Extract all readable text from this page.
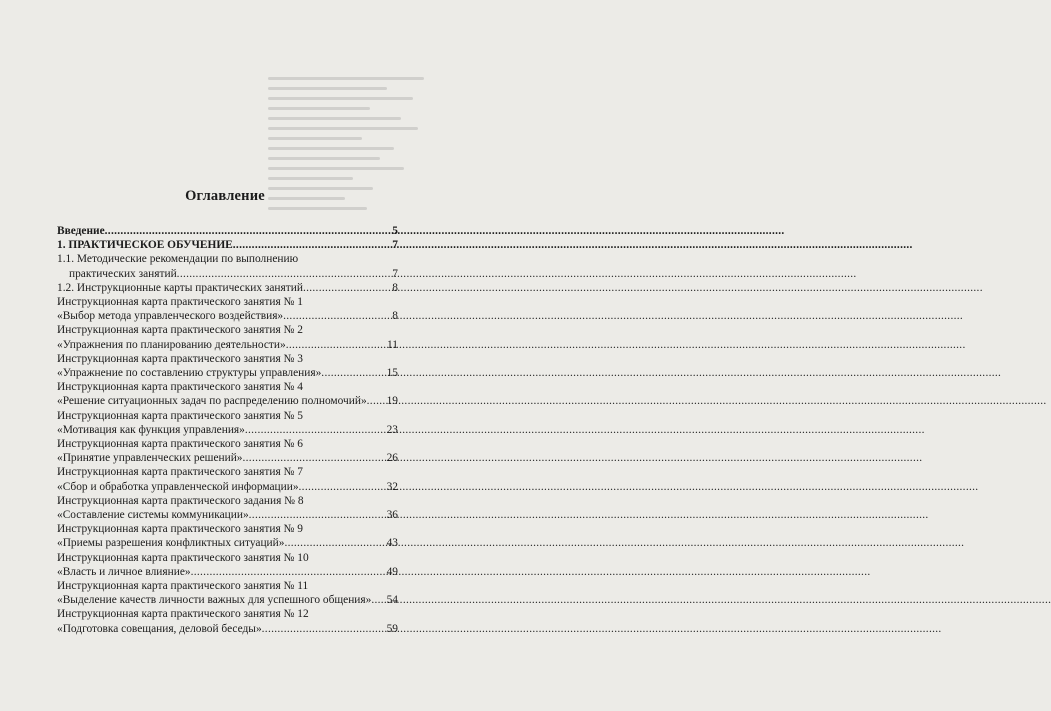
Оглавление
Введение .....	5
1. ПРАКТИЧЕСКОЕ ОБУЧЕНИЕ .....	7
1.1. Методические рекомендации по выполнению
практических занятий .....	7
1.2. Инструкционные карты практических занятий .....	8
Инструкционная карта практического занятия № 1
«Выбор метода управленческого воздействия» .....	8
Инструкционная карта практического занятия № 2
«Упражнения по планированию деятельности» .....	11
Инструкционная карта практического занятия № 3
«Упражнение по составлению структуры управления» .....	15
Инструкционная карта практического занятия № 4
«Решение ситуационных задач по распределению полномочий» ..... 19
Инструкционная карта практического занятия № 5
«Мотивация как функция управления» .....	23
Инструкционная карта практического занятия № 6
«Принятие управленческих решений» .....	26
Инструкционная карта практического занятия № 7
«Сбор и обработка управленческой информации» .....	32
Инструкционная карта практического задания № 8
«Составление системы коммуникации» .....	36
Инструкционная карта практического занятия № 9
«Приемы разрешения конфликтных ситуаций» .....	43
Инструкционная карта практического занятия № 10
«Власть и личное влияние» .....	49
Инструкционная карта практического занятия № 11
«Выделение качеств личности важных для успешного общения» ..... 54
Инструкционная карта практического занятия № 12
«Подготовка совещания, деловой беседы» .....	59
